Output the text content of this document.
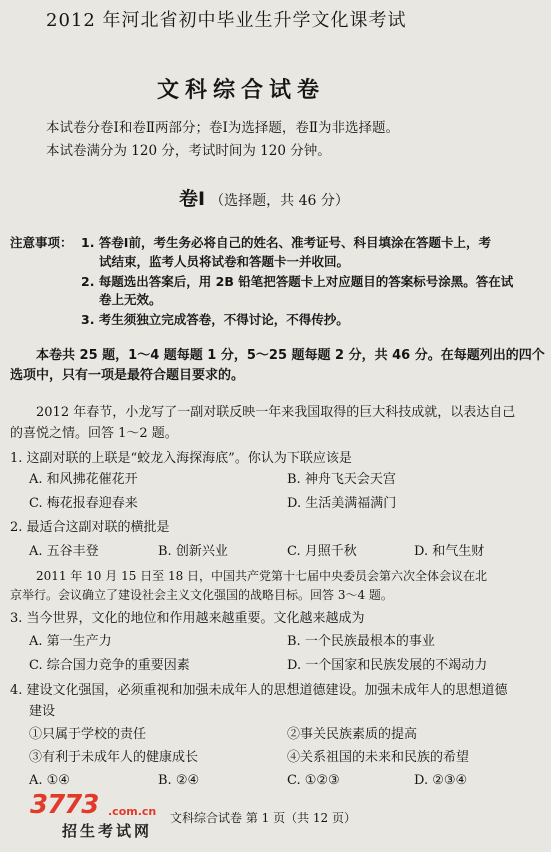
2012 年河北省初中毕业生升学文化课考试
文科综合试卷
本试卷分卷Ⅰ和卷Ⅱ两部分；卷Ⅰ为选择题，卷Ⅱ为非选择题。
本试卷满分为 120 分，考试时间为 120 分钟。
卷Ⅰ （选择题，共 46 分）
注意事项： 1. 答卷Ⅰ前，考生务必将自己的姓名、准考证号、科目填涂在答题卡上，考
试结束，监考人员将试卷和答题卡一并收回。
2. 每题选出答案后，用 2B 铅笔把答题卡上对应题目的答案标号涂黑。答在试
卷上无效。
3. 考生须独立完成答卷，不得讨论，不得传抄。
本卷共 25 题，1～4 题每题 1 分，5～25 题每题 2 分，共 46 分。在每题列出的四个
选项中，只有一项是最符合题目要求的。
2012 年春节，小龙写了一副对联反映一年来我国取得的巨大科技成就，以表达自己
的喜悦之情。回答 1～2 题。
1. 这副对联的上联是“蛟龙入海探海底”。你认为下联应该是
A. 和风拂花催花开	B. 神舟飞天会天宫
C. 梅花报春迎春来	D. 生活美满福满门
2. 最适合这副对联的横批是
A. 五谷丰登	B. 创新兴业	C. 月照千秋	D. 和气生财
2011 年 10 月 15 日至 18 日，中国共产党第十七届中央委员会第六次全体会议在北
京举行。会议确立了建设社会主义文化强国的战略目标。回答 3～4 题。
3. 当今世界，文化的地位和作用越来越重要。文化越来越成为
A. 第一生产力	B. 一个民族最根本的事业
C. 综合国力竞争的重要因素	D. 一个国家和民族发展的不竭动力
4. 建设文化强国，必须重视和加强未成年人的思想道德建设。加强未成年人的思想道德
建设
①只属于学校的责任	②事关民族素质的提高
③有利于未成年人的健康成长	④关系祖国的未来和民族的希望
A. ①④	B. ②④	C. ①②③	D. ②③④
文科综合试卷 第 1 页（共 12 页）
3773 .com.cn
招生考试网
